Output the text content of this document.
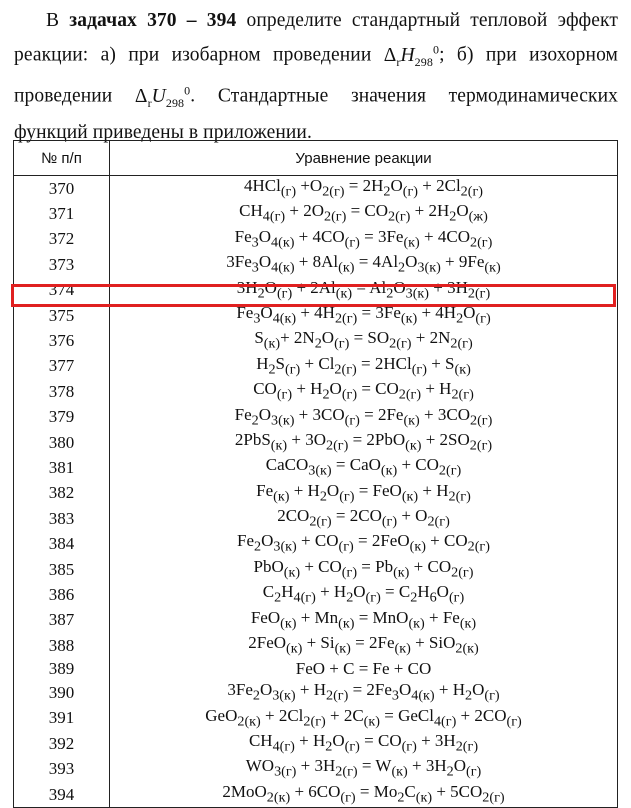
В задачах 370 – 394 определите стандартный тепловой эффект реакции: а) при изобарном проведении $\Delta_rH_{298}^0$; б) при изохорном проведении $\Delta_rU_{298}^0$. Стандартные значения термодинамических функций приведены в приложении.
№ п/п	Уравнение реакции
370	$4HCl_{(г)} +O_{2(г)} = 2H_2O_{(г)} + 2Cl_{2(г)}$
371	$CH_{4(г)} + 2O_{2(г)} = CO_{2(г)} + 2H_2O_{(ж)}$
372	$Fe_3O_{4(к)} + 4CO_{(г)} = 3Fe_{(к)} + 4CO_{2(г)}$
373	$3Fe_3O_{4(к)} + 8Al_{(к)} = 4Al_2O_{3(к)} + 9Fe_{(к)}$
374	$3H_2O_{(г)} + 2Al_{(к)} = Al_2O_{3(к)} + 3H_{2(г)}$
375	$Fe_3O_{4(к)} + 4H_{2(г)} = 3Fe_{(к)} + 4H_2O_{(г)}$
376	$S_{(к)}+ 2N_2O_{(г)} = SO_{2(г)} + 2N_{2(г)}$
377	$H_2S_{(г)} + Cl_{2(г)} = 2HCl_{(г)} + S_{(к)}$
378	$CO_{(г)} + H_2O_{(г)} = CO_{2(г)} + H_{2(г)}$
379	$Fe_2O_{3(к)} + 3CO_{(г)} = 2Fe_{(к)} + 3CO_{2(г)}$
380	$2PbS_{(к)} + 3O_{2(г)} = 2PbO_{(к)} + 2SO_{2(г)}$
381	CaCO$_{3(к)}$ = $CaO_{(к)} + CO_{2(г)}$
382	$Fe_{(к)} + H_2O_{(г)} = FeO_{(к)} + H_{2(г)}$
383	$2CO_{2(г)} = 2CO_{(г)} + O_{2(г)}$
384	$Fe_2O_{3(к)} + CO_{(г)} = 2FeO_{(к)} + CO_{2(г)}$
385	$PbO_{(к)} + CO_{(г)} = Pb_{(к)} + CO_{2(г)}$
386	$C_2H_{4(г)} + H_2O_{(г)} = C_2H_6O_{(г)}$
387	$FeO_{(к)} + Mn_{(к)} = MnO_{(к)} + Fe_{(к)}$
388	$2FeO_{(к)} + Si_{(к)} = 2Fe_{(к)} + SiO_{2(к)}$
389	FeO + C = Fe + CO
390	$3Fe_2O_{3(к)} + H_{2(г)} = 2Fe_3O_{4(к)} + H_2O_{(г)}$
391	$GeO_{2(к)} + 2Cl_{2(г)} + 2C_{(к)}$ = GeCl$_{4(г)}$ + $2CO_{(г)}$
392	$CH_{4(г)} + H_2O_{(г)} = CO_{(г)} + 3H_{2(г)}$
393	$WO_{3(г)} + 3H_{2(г)} = W_{(к)} + 3H_2O_{(г)}$
394	$2MoO_{2(к)} + 6CO_{(г)} = Mo_2C_{(к)} + 5CO_{2(г)}$
